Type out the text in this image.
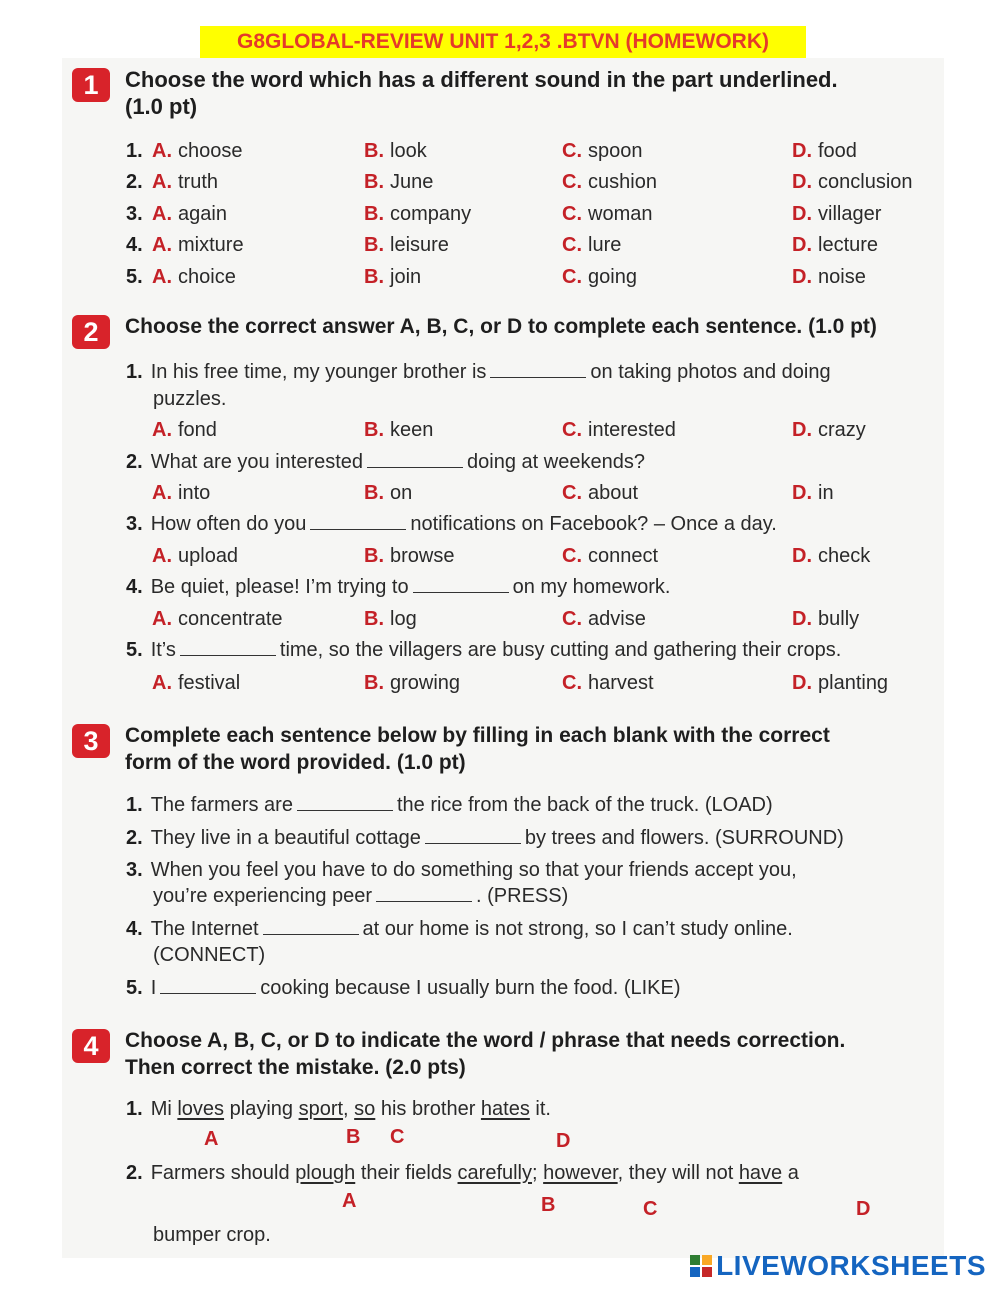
G8GLOBAL-REVIEW UNIT 1,2,3 .BTVN (HOMEWORK)
1	Choose the word which has a different sound in the part underlined.
(1.0 pt)
1. A. choose	B. look	C. spoon	D. food
2. A. truth	B. June	C. cushion	D. conclusion
3. A. again	B. company	C. woman	D. villager
4. A. mixture	B. leisure	C. lure	D. lecture
5. A. choice	B. join	C. going	D. noise
2	Choose the correct answer A, B, C, or D to complete each sentence. (1.0 pt)
1. In his free time, my younger brother is	on taking photos and doing
puzzles.
A. fond	B. keen	C. interested	D. crazy
2. What are you interested	doing at weekends?
A. into	B. on	C. about	D. in
3. How often do you	notifications on Facebook? – Once a day.
A. upload	B. browse	C. connect	D. check
4. Be quiet, please! I’m trying to	on my homework.
A. concentrate	B. log	C. advise	D. bully
5. It’s	time, so the villagers are busy cutting and gathering their crops.
A. festival	B. growing	C. harvest	D. planting
3	Complete each sentence below by filling in each blank with the correct
form of the word provided. (1.0 pt)
1. The farmers are	the rice from the back of the truck. (LOAD)
2. They live in a beautiful cottage	by trees and flowers. (SURROUND)
3. When you feel you have to do something so that your friends accept you,
you’re experiencing peer	. (PRESS)
4. The Internet	at our home is not strong, so I can’t study online.
(CONNECT)
5. I	cooking because I usually burn the food. (LIKE)
4	Choose A, B, C, or D to indicate the word / phrase that needs correction.
Then correct the mistake. (2.0 pts)
1. Mi loves playing sport, so his brother hates it.
A	B C	D
2. Farmers should plough their fields carefully; however, they will not have a
A	B	C	D
bumper crop.
LIVEWORKSHEETS
